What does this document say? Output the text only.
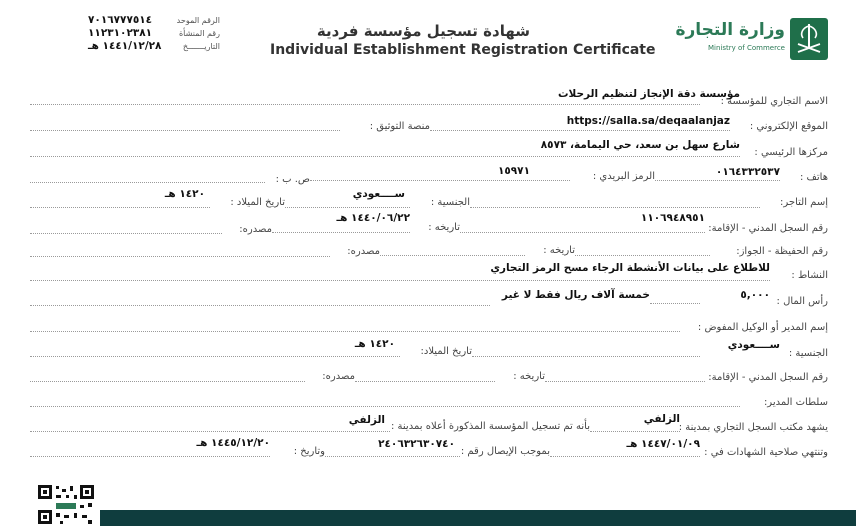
وزارة التجارة
Ministry of Commerce
شهادة تسجيل مؤسسة فردية
Individual Establishment Registration Certificate
٧٠١٦٧٧٧٥١٤	الرقم الموحد
١١٢٣١٠٢٣٨١	رقم المنشأة
١٤٤١/١٢/٢٨ هـ	التاريـــــــخ
الاسم التجاري للمؤسسة :
مؤسسة دقة الإنجاز لتنظيم الرحلات
الموقع الإلكتروني :
https://salla.sa/deqaalanjaz
منصة التوثيق :
مركزها الرئيسي :
شارع سهل بن سعد، حي اليمامة، ٨٥٧٣
هاتف :
٠١٦٤٣٣٢٥٣٧
الرمز البريدي :
١٥٩٧١
ص. ب :
إسم التاجر:
الجنسية :
ســــعودي
تاريخ الميلاد :
١٤٢٠ هـ
رقم السجل المدني - الإقامة:
١١٠٦٩٤٨٩٥١
تاريخه :
١٤٤٠/٠٦/٢٢ هـ
مصدره:
رقم الحفيظة - الجواز:
تاريخه :
مصدره:
النشاط :
للاطلاع على بيانات الأنشطة الرجاء مسح الرمز التجاري
رأس المال :
٥,٠٠٠
خمسة آلاف ريال فقط لا غير
إسم المدير أو الوكيل المفوض :
الجنسية :
ســــعودي
تاريخ الميلاد:
١٤٢٠ هـ
رقم السجل المدني - الإقامة:
تاريخه :
مصدره:
سلطات المدير:
يشهد مكتب السجل التجاري بمدينة :
الزلفي
بأنه تم تسجيل المؤسسة المذكورة أعلاه بمدينة :
الزلفي
وتنتهي صلاحية الشهادات في :
١٤٤٧/٠١/٠٩ هـ
بموجب الإيصال رقم :
٢٤٠٦٣٢٦٣٠٧٤٠
وتاريخ :
١٤٤٥/١٢/٢٠ هـ
